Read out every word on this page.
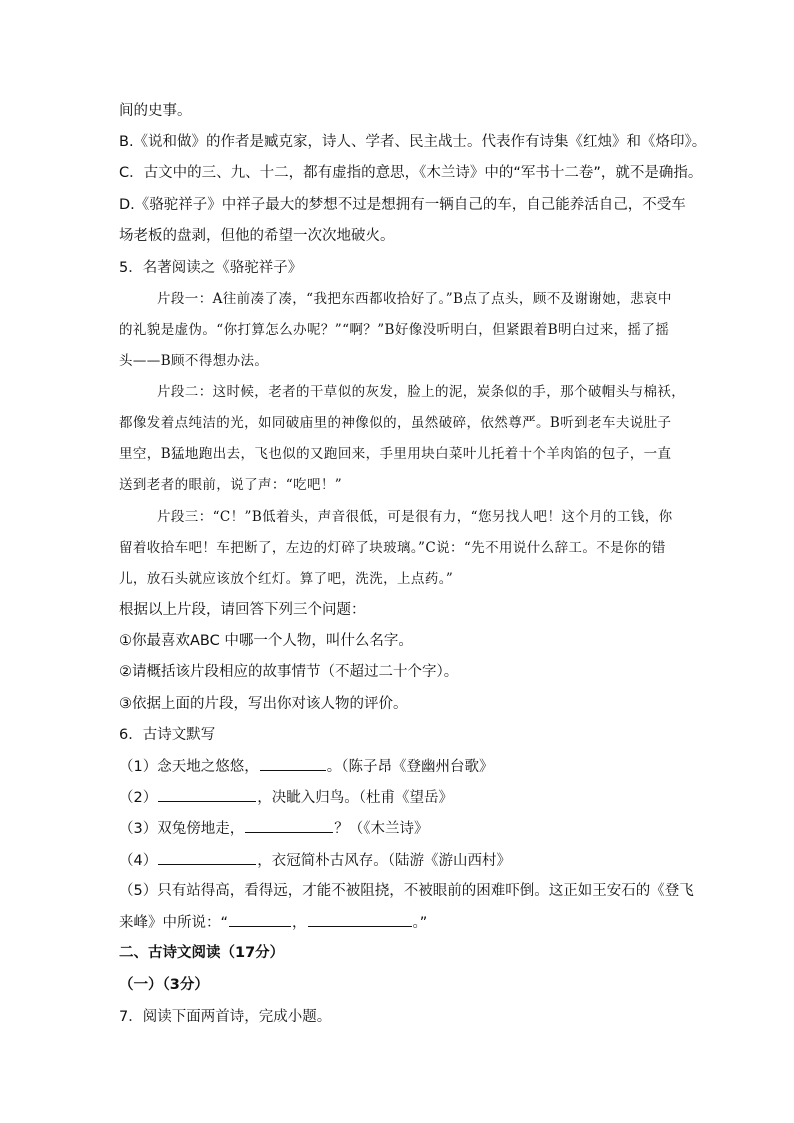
间的史事。
B.《说和做》的作者是臧克家，诗人、学者、民主战士。代表作有诗集《红烛》和《烙印》。
C．古文中的三、九、十二，都有虚指的意思，《木兰诗》中的“军书十二卷”，就不是确指。
D.《骆驼祥子》中祥子最大的梦想不过是想拥有一辆自己的车，自己能养活自己，不受车
场老板的盘剥，但他的希望一次次地破火。
5．名著阅读之《骆驼祥子》
片段一：A往前凑了凑，“我把东西都收拾好了。”B点了点头，顾不及谢谢她，悲哀中
的礼貌是虚伪。“你打算怎么办呢？”“啊？”B好像没听明白，但紧跟着B明白过来，摇了摇
头——B顾不得想办法。
片段二：这时候，老者的干草似的灰发，脸上的泥，炭条似的手，那个破帽头与棉袄，
都像发着点纯洁的光，如同破庙里的神像似的，虽然破碎，依然尊严。B听到老车夫说肚子
里空，B猛地跑出去，飞也似的又跑回来，手里用块白菜叶儿托着十个羊肉馅的包子，一直
送到老者的眼前，说了声：“吃吧！”
片段三：“C！”B低着头，声音很低，可是很有力，“您另找人吧！这个月的工钱，你
留着收拾车吧！车把断了，左边的灯碎了块玻璃。”C说：“先不用说什么辞工。不是你的错
儿，放石头就应该放个红灯。算了吧，洗洗，上点药。”
根据以上片段，请回答下列三个问题：
①你最喜欢ABC 中哪一个人物，叫什么名字。
②请概括该片段相应的故事情节（不超过二十个字）。
③依据上面的片段，写出你对该人物的评价。
6．古诗文默写
（1）念天地之悠悠，	。（陈子昂《登幽州台歌》
（2）	，决眦入归鸟。（杜甫《望岳》
（3）双兔傍地走，	？（《木兰诗》
（4）	，衣冠简朴古风存。（陆游《游山西村》
（5）只有站得高，看得远，才能不被阻挠，不被眼前的困难吓倒。这正如王安石的《登飞
来峰》中所说：“	，	。”
二、古诗文阅读（17分）
（一）（3分）
7．阅读下面两首诗，完成小题。
